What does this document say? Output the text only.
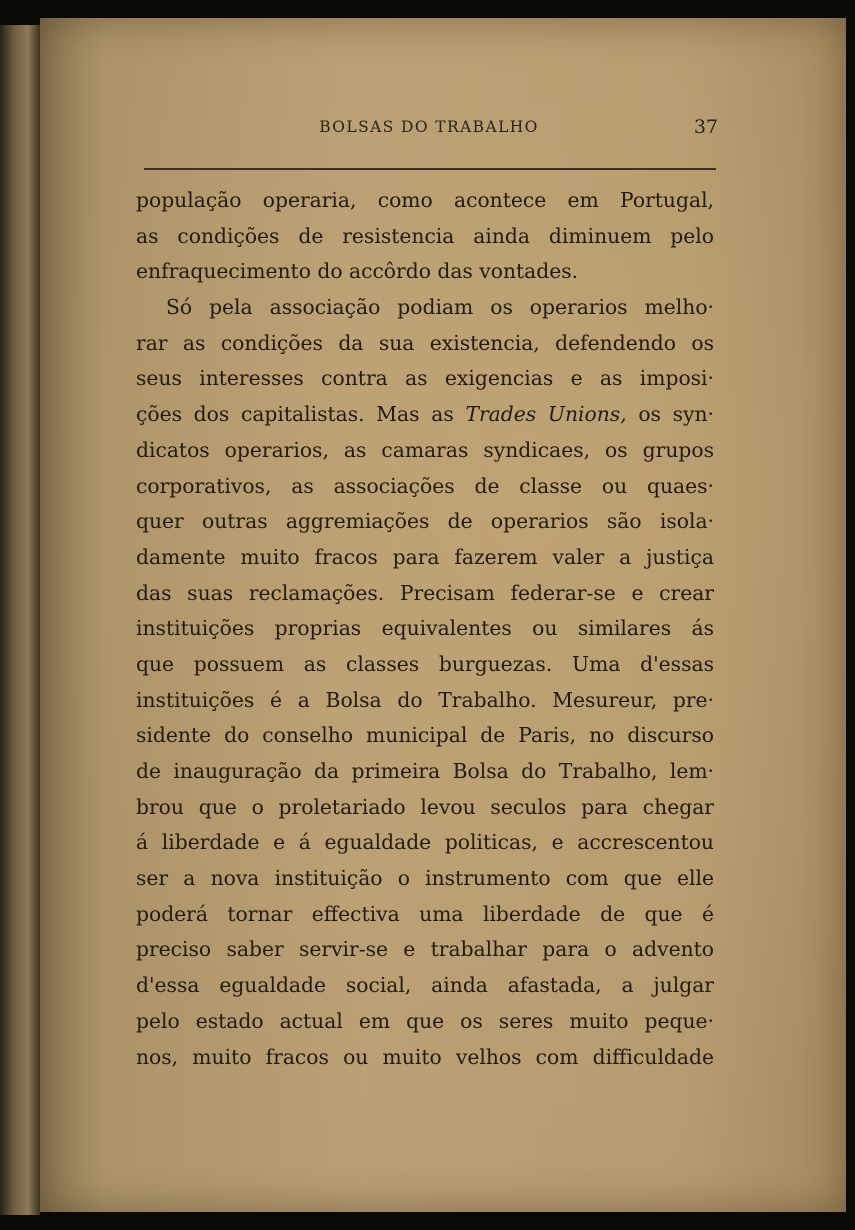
BOLSAS DO TRABALHO	37
população operaria, como acontece em Portugal,
as condições de resistencia ainda diminuem pelo
enfraquecimento do accôrdo das vontades.
Só pela associação podiam os operarios melho·
rar as condições da sua existencia, defendendo os
seus interesses contra as exigencias e as imposi·
ções dos capitalistas. Mas as Trades Unions, os syn·
dicatos operarios, as camaras syndicaes, os grupos
corporativos, as associações de classe ou quaes·
quer outras aggremiações de operarios são isola·
damente muito fracos para fazerem valer a justiça
das suas reclamações. Precisam federar-se e crear
instituições proprias equivalentes ou similares ás
que possuem as classes burguezas. Uma d'essas
instituições é a Bolsa do Trabalho. Mesureur, pre·
sidente do conselho municipal de Paris, no discurso
de inauguração da primeira Bolsa do Trabalho, lem·
brou que o proletariado levou seculos para chegar
á liberdade e á egualdade politicas, e accrescentou
ser a nova instituição o instrumento com que elle
poderá tornar effectiva uma liberdade de que é
preciso saber servir-se e trabalhar para o advento
d'essa egualdade social, ainda afastada, a julgar
pelo estado actual em que os seres muito peque·
nos, muito fracos ou muito velhos com difficuldade
